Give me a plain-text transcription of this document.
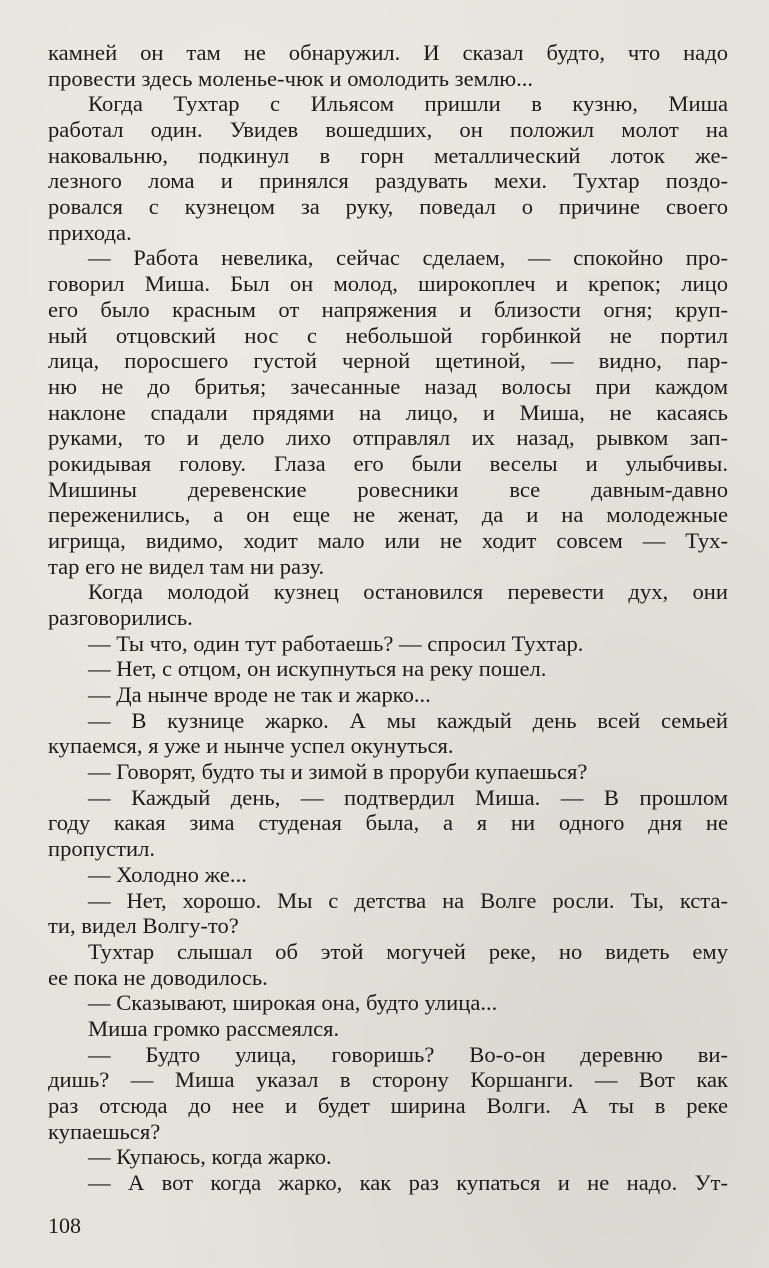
камней он там не обнаружил. И сказал будто, что надо
провести здесь моленье-чюк и омолодить землю...
Когда Тухтар с Ильясом пришли в кузню, Миша
работал один. Увидев вошедших, он положил молот на
наковальню, подкинул в горн металлический лоток же-
лезного лома и принялся раздувать мехи. Тухтар поздо-
ровался с кузнецом за руку, поведал о причине своего
прихода.
— Работа невелика, сейчас сделаем, — спокойно про-
говорил Миша. Был он молод, широкоплеч и крепок; лицо
его было красным от напряжения и близости огня; круп-
ный отцовский нос с небольшой горбинкой не портил
лица, поросшего густой черной щетиной, — видно, пар-
ню не до бритья; зачесанные назад волосы при каждом
наклоне спадали прядями на лицо, и Миша, не касаясь
руками, то и дело лихо отправлял их назад, рывком зап-
рокидывая голову. Глаза его были веселы и улыбчивы.
Мишины деревенские ровесники все давным-давно
переженились, а он еще не женат, да и на молодежные
игрища, видимо, ходит мало или не ходит совсем — Тух-
тар его не видел там ни разу.
Когда молодой кузнец остановился перевести дух, они
разговорились.
— Ты что, один тут работаешь? — спросил Тухтар.
— Нет, с отцом, он искупнуться на реку пошел.
— Да нынче вроде не так и жарко...
— В кузнице жарко. А мы каждый день всей семьей
купаемся, я уже и нынче успел окунуться.
— Говорят, будто ты и зимой в проруби купаешься?
— Каждый день, — подтвердил Миша. — В прошлом
году какая зима студеная была, а я ни одного дня не
пропустил.
— Холодно же...
— Нет, хорошо. Мы с детства на Волге росли. Ты, кста-
ти, видел Волгу-то?
Тухтар слышал об этой могучей реке, но видеть ему
ее пока не доводилось.
— Сказывают, широкая она, будто улица...
Миша громко рассмеялся.
— Будто улица, говоришь? Во-о-он деревню ви-
дишь? — Миша указал в сторону Коршанги. — Вот как
раз отсюда до нее и будет ширина Волги. А ты в реке
купаешься?
— Купаюсь, когда жарко.
— А вот когда жарко, как раз купаться и не надо. Ут-
108
